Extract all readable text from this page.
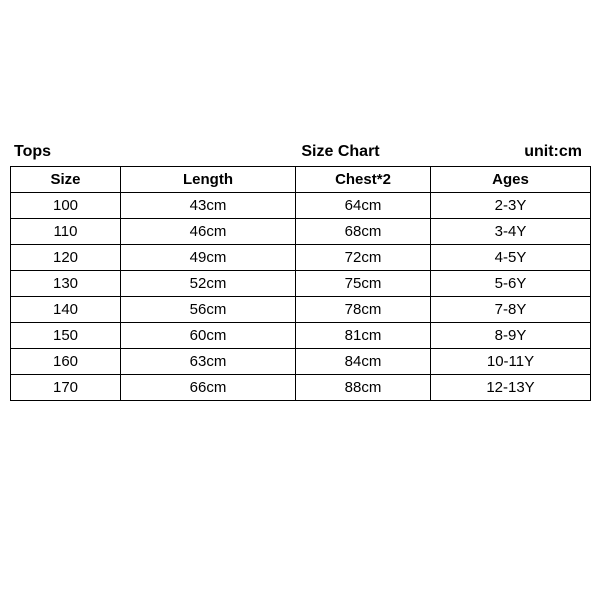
Tops	Size Chart	unit:cm
Size	Length	Chest*2	Ages
100	43cm	64cm	2-3Y
110	46cm	68cm	3-4Y
120	49cm	72cm	4-5Y
130	52cm	75cm	5-6Y
140	56cm	78cm	7-8Y
150	60cm	81cm	8-9Y
160	63cm	84cm	10-11Y
170	66cm	88cm	12-13Y
